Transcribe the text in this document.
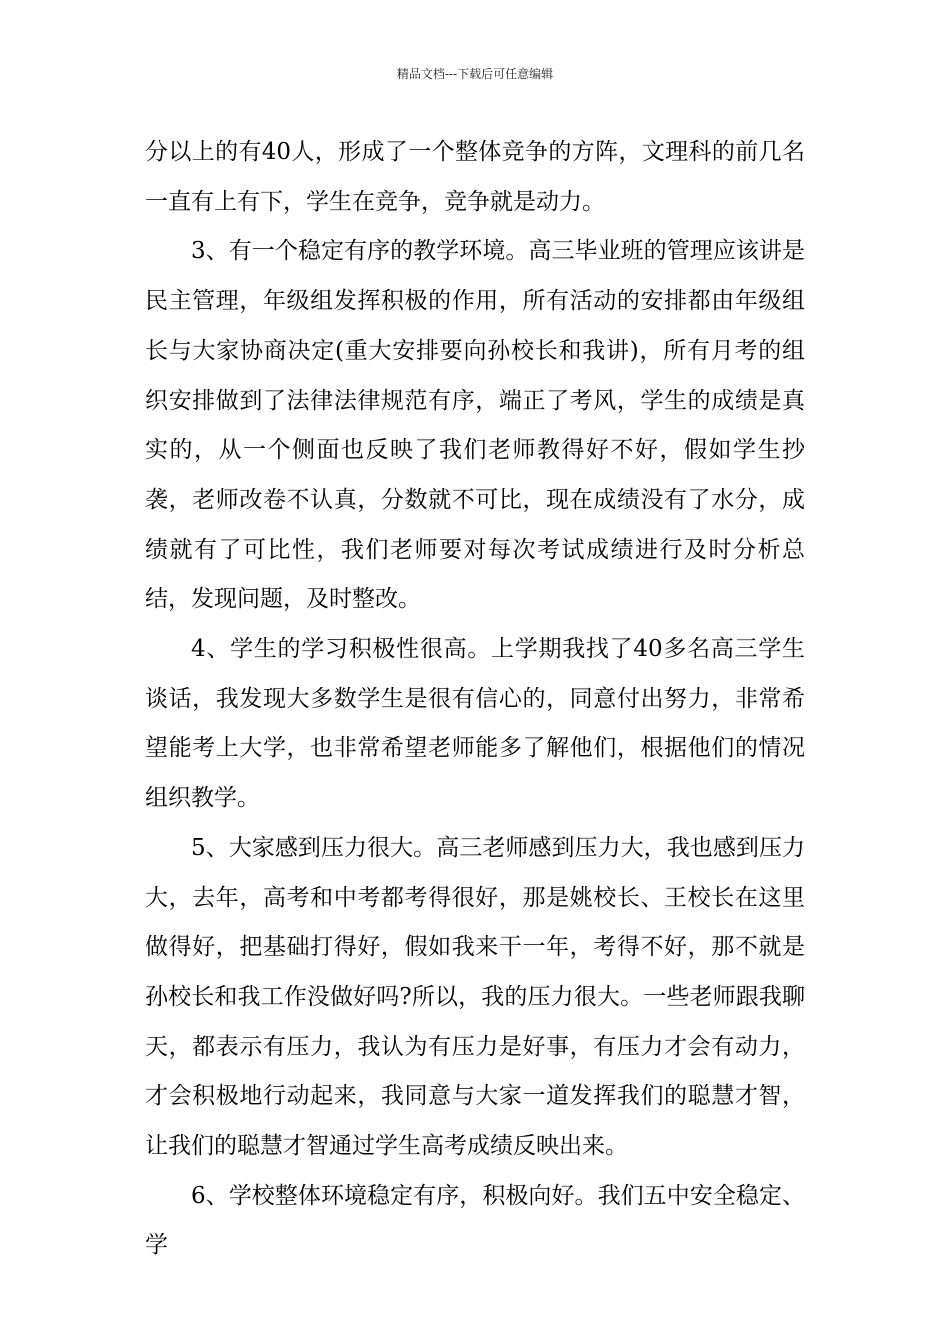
精品文档---下载后可任意编辑

分以上的有40人，形成了一个整体竞争的方阵，文理科的前几名一直有上有下，学生在竞争，竞争就是动力。

3、有一个稳定有序的教学环境。高三毕业班的管理应该讲是民主管理，年级组发挥积极的作用，所有活动的安排都由年级组长与大家协商决定(重大安排要向孙校长和我讲)，所有月考的组织安排做到了法律法律规范有序，端正了考风，学生的成绩是真实的，从一个侧面也反映了我们老师教得好不好，假如学生抄袭，老师改卷不认真，分数就不可比，现在成绩没有了水分，成绩就有了可比性，我们老师要对每次考试成绩进行及时分析总结，发现问题，及时整改。

4、学生的学习积极性很高。上学期我找了40多名高三学生谈话，我发现大多数学生是很有信心的，同意付出努力，非常希望能考上大学，也非常希望老师能多了解他们，根据他们的情况组织教学。

5、大家感到压力很大。高三老师感到压力大，我也感到压力大，去年，高考和中考都考得很好，那是姚校长、王校长在这里做得好，把基础打得好，假如我来干一年，考得不好，那不就是孙校长和我工作没做好吗?所以，我的压力很大。一些老师跟我聊天，都表示有压力，我认为有压力是好事，有压力才会有动力，才会积极地行动起来，我同意与大家一道发挥我们的聪慧才智，让我们的聪慧才智通过学生高考成绩反映出来。

6、学校整体环境稳定有序，积极向好。我们五中安全稳定、学
